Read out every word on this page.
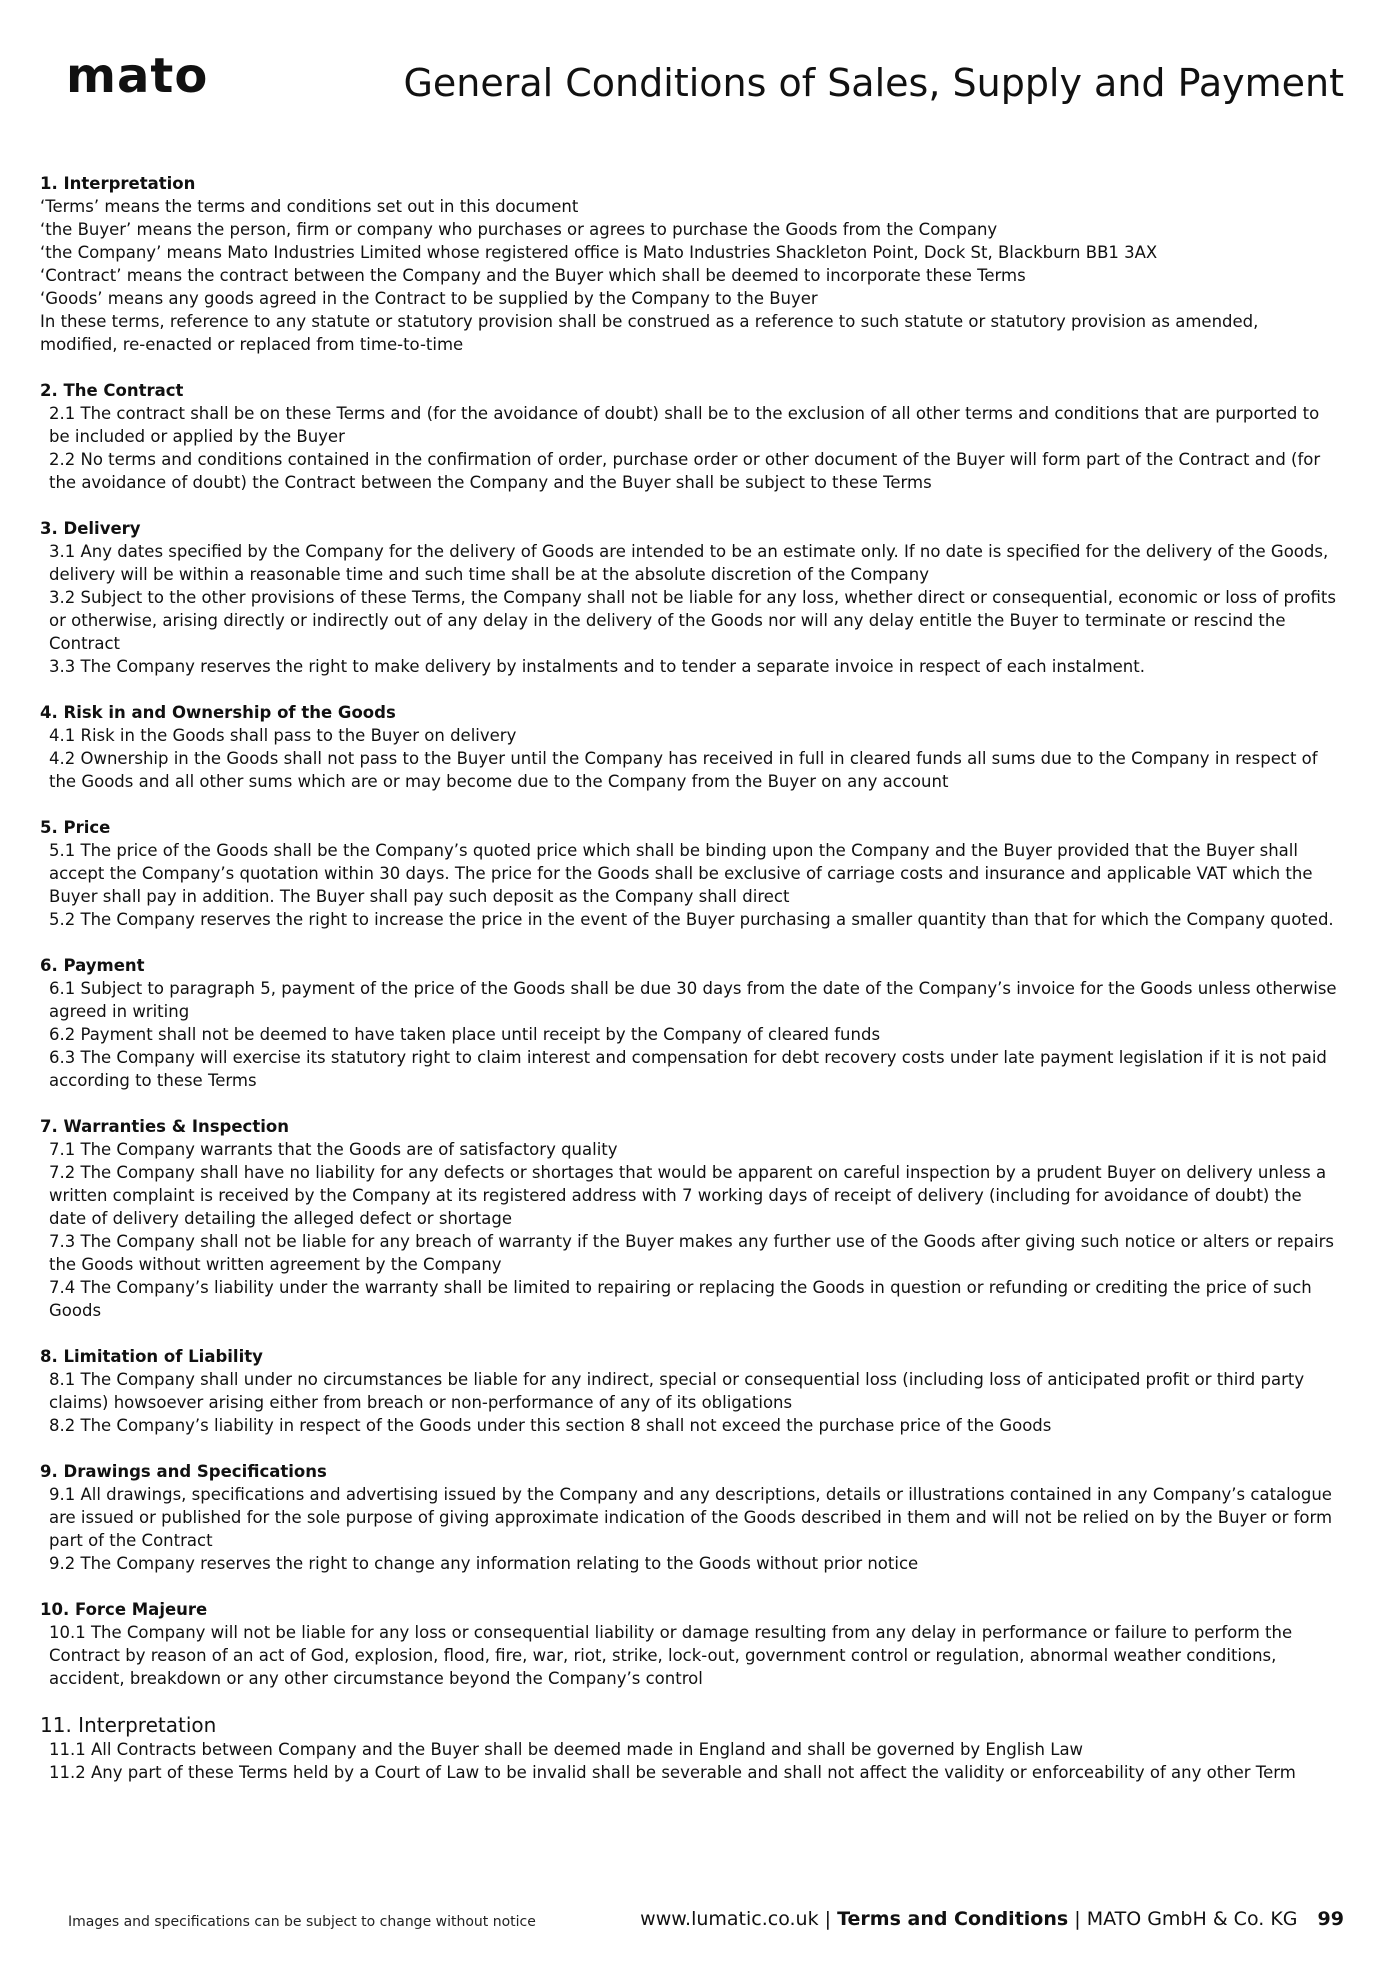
mato	General Conditions of Sales, Supply and Payment
1. Interpretation

‘Terms’ means the terms and conditions set out in this document

‘the Buyer’ means the person, firm or company who purchases or agrees to purchase the Goods from the Company

‘the Company’ means Mato Industries Limited whose registered office is Mato Industries Shackleton Point, Dock St, Blackburn BB1 3AX

‘Contract’ means the contract between the Company and the Buyer which shall be deemed to incorporate these Terms

‘Goods’ means any goods agreed in the Contract to be supplied by the Company to the Buyer

In these terms, reference to any statute or statutory provision shall be construed as a reference to such statute or statutory provision as amended, modified, re-enacted or replaced from time-to-time

2. The Contract

2.1 The contract shall be on these Terms and (for the avoidance of doubt) shall be to the exclusion of all other terms and conditions that are purported to be included or applied by the Buyer

2.2 No terms and conditions contained in the confirmation of order, purchase order or other document of the Buyer will form part of the Contract and (for the avoidance of doubt) the Contract between the Company and the Buyer shall be subject to these Terms

3. Delivery

3.1 Any dates specified by the Company for the delivery of Goods are intended to be an estimate only. If no date is specified for the delivery of the Goods, delivery will be within a reasonable time and such time shall be at the absolute discretion of the Company

3.2 Subject to the other provisions of these Terms, the Company shall not be liable for any loss, whether direct or consequential, economic or loss of profits or otherwise, arising directly or indirectly out of any delay in the delivery of the Goods nor will any delay entitle the Buyer to terminate or rescind the Contract

3.3 The Company reserves the right to make delivery by instalments and to tender a separate invoice in respect of each instalment.

4. Risk in and Ownership of the Goods

4.1 Risk in the Goods shall pass to the Buyer on delivery

4.2 Ownership in the Goods shall not pass to the Buyer until the Company has received in full in cleared funds all sums due to the Company in respect of the Goods and all other sums which are or may become due to the Company from the Buyer on any account

5. Price

5.1 The price of the Goods shall be the Company’s quoted price which shall be binding upon the Company and the Buyer provided that the Buyer shall accept the Company’s quotation within 30 days. The price for the Goods shall be exclusive of carriage costs and insurance and applicable VAT which the Buyer shall pay in addition. The Buyer shall pay such deposit as the Company shall direct

5.2 The Company reserves the right to increase the price in the event of the Buyer purchasing a smaller quantity than that for which the Company quoted.

6. Payment

6.1 Subject to paragraph 5, payment of the price of the Goods shall be due 30 days from the date of the Company’s invoice for the Goods unless otherwise agreed in writing

6.2 Payment shall not be deemed to have taken place until receipt by the Company of cleared funds

6.3 The Company will exercise its statutory right to claim interest and compensation for debt recovery costs under late payment legislation if it is not paid according to these Terms

7. Warranties & Inspection

7.1 The Company warrants that the Goods are of satisfactory quality

7.2 The Company shall have no liability for any defects or shortages that would be apparent on careful inspection by a prudent Buyer on delivery unless a written complaint is received by the Company at its registered address with 7 working days of receipt of delivery (including for avoidance of doubt) the date of delivery detailing the alleged defect or shortage

7.3 The Company shall not be liable for any breach of warranty if the Buyer makes any further use of the Goods after giving such notice or alters or repairs the Goods without written agreement by the Company

7.4 The Company’s liability under the warranty shall be limited to repairing or replacing the Goods in question or refunding or crediting the price of such Goods

8. Limitation of Liability

8.1 The Company shall under no circumstances be liable for any indirect, special or consequential loss (including loss of anticipated profit or third party claims) howsoever arising either from breach or non-performance of any of its obligations

8.2 The Company’s liability in respect of the Goods under this section 8 shall not exceed the purchase price of the Goods

9. Drawings and Specifications

9.1 All drawings, specifications and advertising issued by the Company and any descriptions, details or illustrations contained in any Company’s catalogue are issued or published for the sole purpose of giving approximate indication of the Goods described in them and will not be relied on by the Buyer or form part of the Contract

9.2 The Company reserves the right to change any information relating to the Goods without prior notice

10. Force Majeure

10.1 The Company will not be liable for any loss or consequential liability or damage resulting from any delay in performance or failure to perform the Contract by reason of an act of God, explosion, flood, fire, war, riot, strike, lock-out, government control or regulation, abnormal weather conditions, accident, breakdown or any other circumstance beyond the Company’s control

11. Interpretation

11.1 All Contracts between Company and the Buyer shall be deemed made in England and shall be governed by English Law

11.2 Any part of these Terms held by a Court of Law to be invalid shall be severable and shall not affect the validity or enforceability of any other Term

Images and specifications can be subject to change without notice	www.lumatic.co.uk | Terms and Conditions | MATO GmbH & Co. KG 99
